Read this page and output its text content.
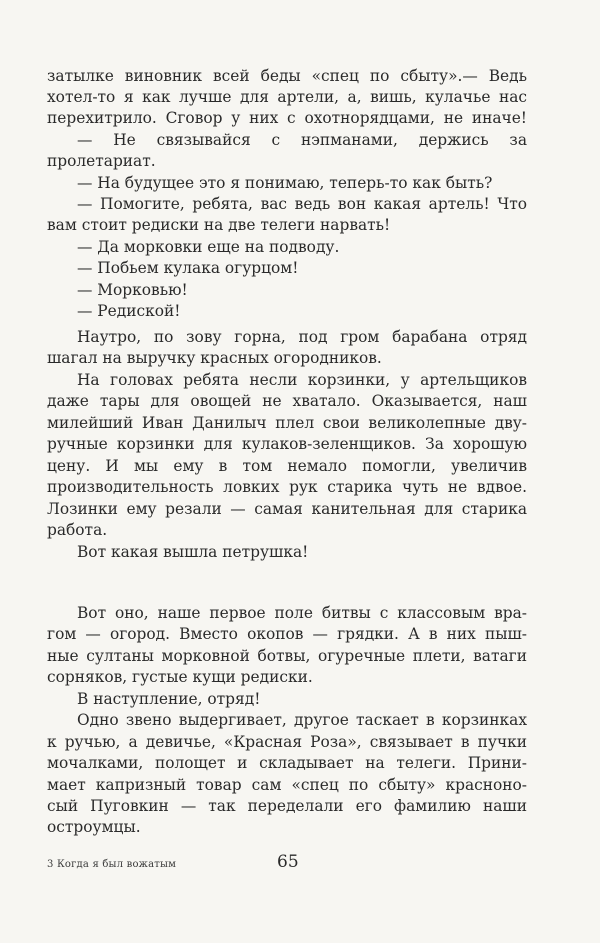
затылке виновник всей беды «спец по сбыту».— Ведь
хотел-то я как лучше для артели, а, вишь, кулачье нас
перехитрило. Сговор у них с охотнорядцами, не иначе!
— Не связывайся с нэпманами, держись за
пролетариат.
— На будущее это я понимаю, теперь-то как быть?
— Помогите, ребята, вас ведь вон какая артель! Что
вам стоит редиски на две телеги нарвать!
— Да морковки еще на подводу.
— Побьем кулака огурцом!
— Морковью!
— Редиской!
Наутро, по зову горна, под гром барабана отряд
шагал на выручку красных огородников.
На головах ребята несли корзинки, у артельщиков
даже тары для овощей не хватало. Оказывается, наш
милейший Иван Данилыч плел свои великолепные дву-
ручные корзинки для кулаков-зеленщиков. За хорошую
цену. И мы ему в том немало помогли, увеличив
производительность ловких рук старика чуть не вдвое.
Лозинки ему резали — самая канительная для старика
работа.
Вот какая вышла петрушка!
Вот оно, наше первое поле битвы с классовым вра-
гом — огород. Вместо окопов — грядки. А в них пыш-
ные султаны морковной ботвы, огуречные плети, ватаги
сорняков, густые кущи редиски.
В наступление, отряд!
Одно звено выдергивает, другое таскает в корзинках
к ручью, а девичье, «Красная Роза», связывает в пучки
мочалками, полощет и складывает на телеги. Прини-
мает капризный товар сам «спец по сбыту» красноно-
сый Пуговкин — так переделали его фамилию наши
остроумцы.
3 Когда я был вожатым	65
